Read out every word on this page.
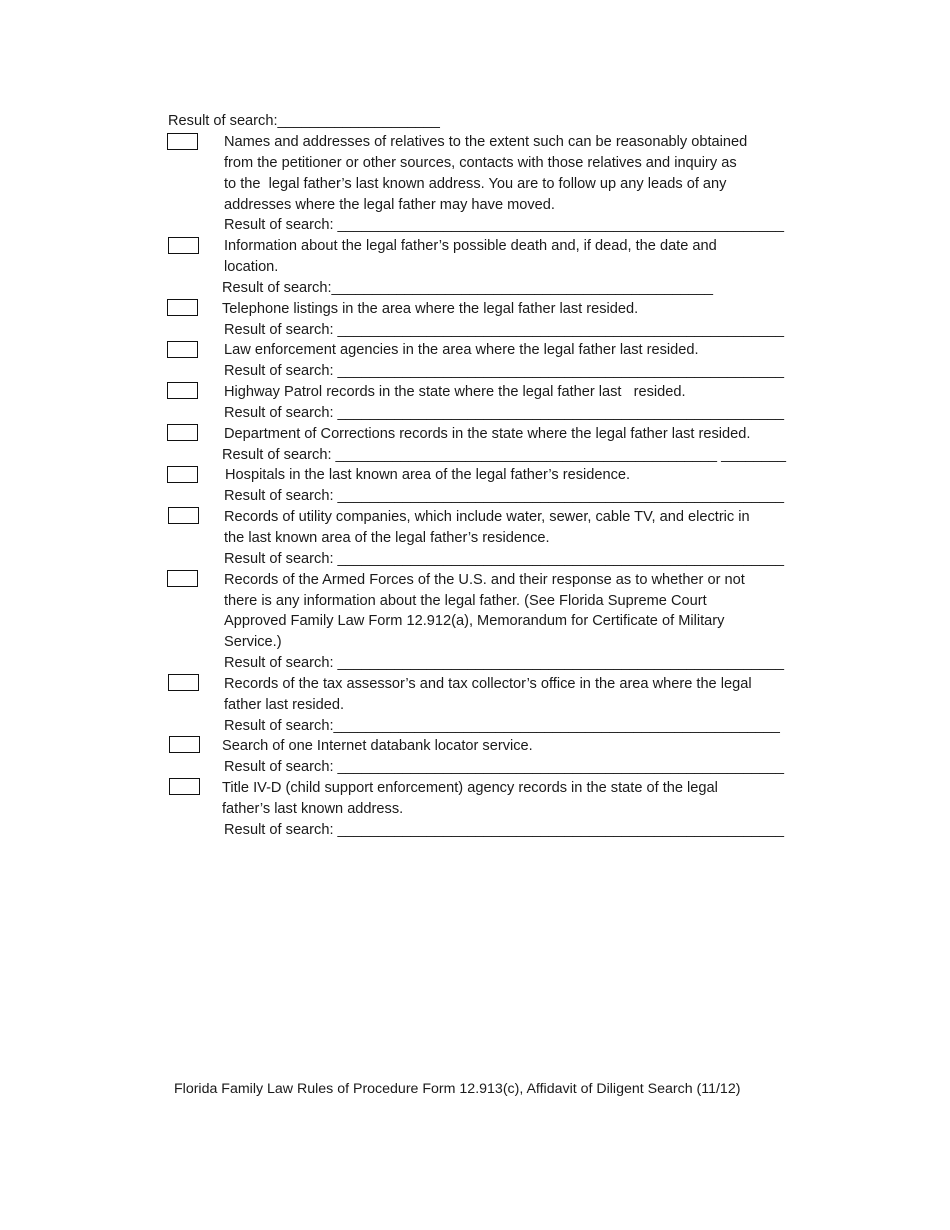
Result of search:____________________
Names and addresses of relatives to the extent such can be reasonably obtained
from the petitioner or other sources, contacts with those relatives and inquiry as
to the  legal father’s last known address. You are to follow up any leads of any
addresses where the legal father may have moved.
Result of search: _______________________________________________________
Information about the legal father’s possible death and, if dead, the date and
location.
Result of search:_______________________________________________
Telephone listings in the area where the legal father last resided.
Result of search: _______________________________________________________
Law enforcement agencies in the area where the legal father last resided.
Result of search: _______________________________________________________
Highway Patrol records in the state where the legal father last   resided.
Result of search: _______________________________________________________
Department of Corrections records in the state where the legal father last resided.
Result of search: _______________________________________________ ________
Hospitals in the last known area of the legal father’s residence.
Result of search: _______________________________________________________
Records of utility companies, which include water, sewer, cable TV, and electric in
the last known area of the legal father’s residence.
Result of search: _______________________________________________________
Records of the Armed Forces of the U.S. and their response as to whether or not
there is any information about the legal father. (See Florida Supreme Court
Approved Family Law Form 12.912(a), Memorandum for Certificate of Military
Service.)
Result of search: _______________________________________________________
Records of the tax assessor’s and tax collector’s office in the area where the legal
father last resided.
Result of search:_______________________________________________________
Search of one Internet databank locator service.
Result of search: _______________________________________________________
Title IV-D (child support enforcement) agency records in the state of the legal
father’s last known address.
Result of search: _______________________________________________________
Florida Family Law Rules of Procedure Form 12.913(c), Affidavit of Diligent Search (11/12)
